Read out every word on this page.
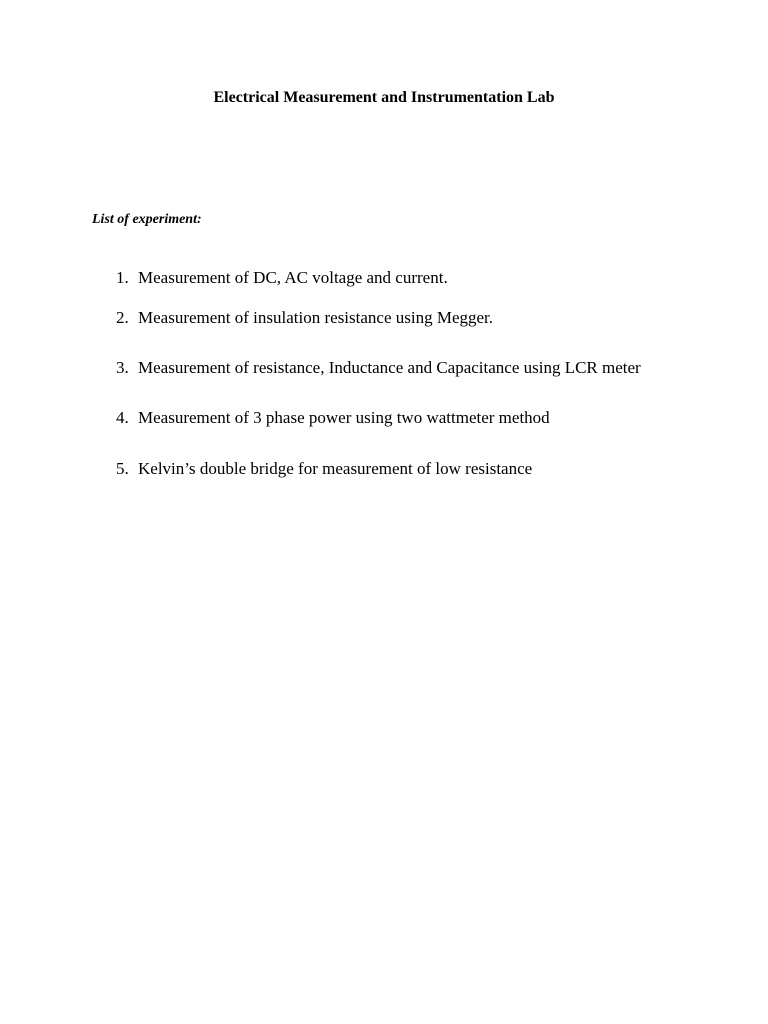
Electrical Measurement and Instrumentation Lab

List of experiment:

1. Measurement of DC, AC voltage and current.
2. Measurement of insulation resistance using Megger.
3. Measurement of resistance, Inductance and Capacitance using LCR meter
4. Measurement of 3 phase power using two wattmeter method
5. Kelvin’s double bridge for measurement of low resistance
